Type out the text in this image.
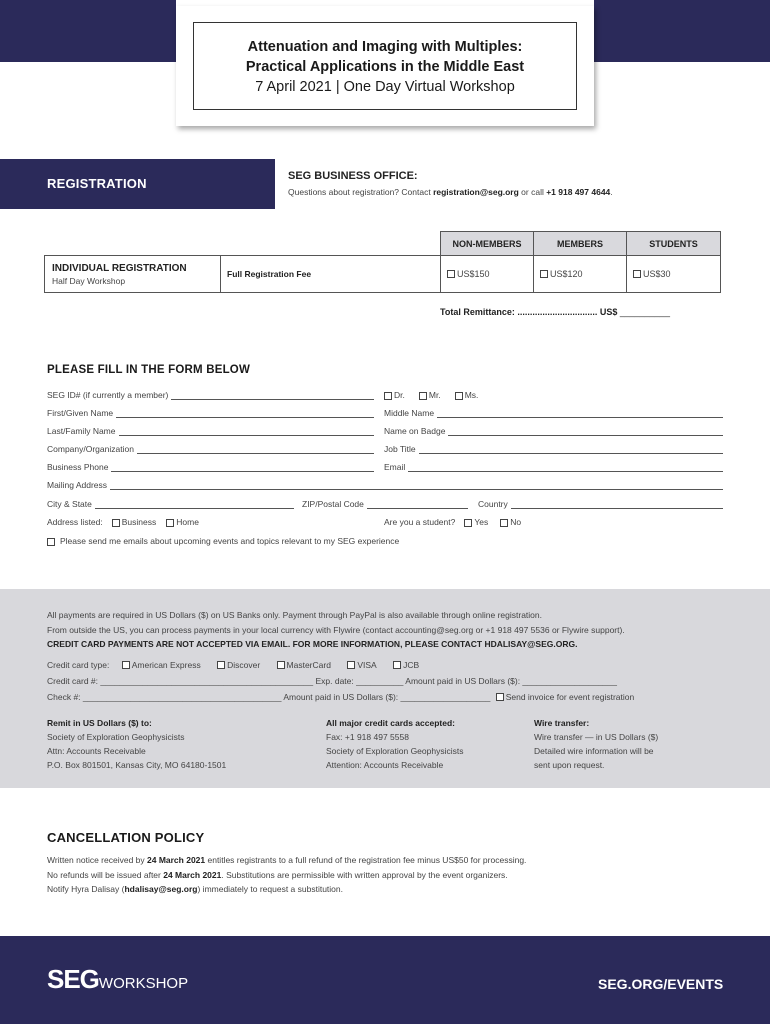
Attenuation and Imaging with Multiples:
Practical Applications in the Middle East
7 April 2021 | One Day Virtual Workshop
REGISTRATION	SEG BUSINESS OFFICE:
Questions about registration? Contact registration@seg.org or call +1 918 497 4644.
		NON-MEMBERS	MEMBERS	STUDENTS

INDIVIDUAL REGISTRATION
Half Day Workshop	Full Registration Fee	US$150	US$120	US$30
Total Remittance: ................................ US$ __________
PLEASE FILL IN THE FORM BELOW
SEG ID# (if currently a member)	Dr.	Mr.	Ms.
First/Given Name	Middle Name
Last/Family Name	Name on Badge
Company/Organization	Job Title
Business Phone	Email
Mailing Address
City & State	ZIP/Postal Code	Country
Address listed: Business Home	Are you a student? Yes	No
Please send me emails about upcoming events and topics relevant to my SEG experience
All payments are required in US Dollars ($) on US Banks only. Payment through PayPal is also available through online registration.
From outside the US, you can process payments in your local currency with Flywire (contact accounting@seg.org or +1 918 497 5536 or Flywire support).
CREDIT CARD PAYMENTS ARE NOT ACCEPTED VIA EMAIL. FOR MORE INFORMATION, PLEASE CONTACT HDALISAY@SEG.ORG.
Credit card type:	American Express	Discover	MasterCard	VISA	JCB
Credit card #: _____________________________________________ Exp. date: __________ Amount paid in US Dollars ($): ____________________
Check #: __________________________________________ Amount paid in US Dollars ($): ___________________ Send invoice for event registration
Remit in US Dollars ($) to:
Society of Exploration Geophysicists
Attn: Accounts Receivable
P.O. Box 801501, Kansas City, MO 64180-1501
All major credit cards accepted:
Fax: +1 918 497 5558
Society of Exploration Geophysicists
Attention: Accounts Receivable
Wire transfer:
Wire transfer — in US Dollars ($)
Detailed wire information will be
sent upon request.
CANCELLATION POLICY
Written notice received by 24 March 2021 entitles registrants to a full refund of the registration fee minus US$50 for processing.
No refunds will be issued after 24 March 2021. Substitutions are permissible with written approval by the event organizers.
Notify Hyra Dalisay (hdalisay@seg.org) immediately to request a substitution.
SEGWORKSHOP	SEG.ORG/EVENTS
